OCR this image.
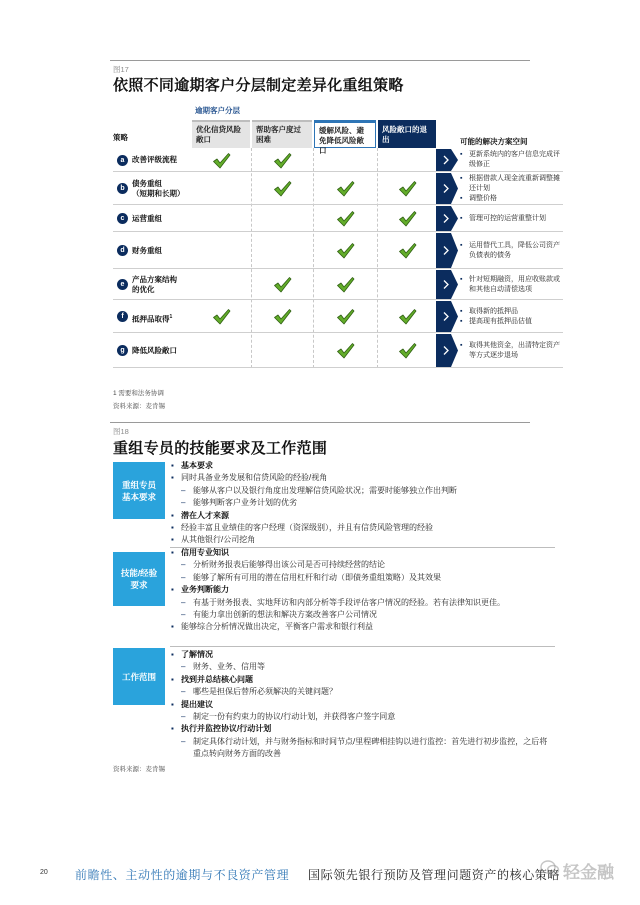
图17
依照不同逾期客户分层制定差异化重组策略
逾期客户分层
策略
优化信贷风险敞口
帮助客户度过困难
缓解风险、避免降低风险敞口
风险敞口的退出	可能的解决方案空间
a	改善评级流程
▪ 更新系统内的客户信息完成评级修正
b
债务重组
（短期和长期）
▪ 根据借款人现金流重新调整摊还计划
▪ 调整价格
c	运营重组
▪	管理可控的运营重整计划
d 财务重组
▪ 运用替代工具，降低公司资产负债表的债务
e
产品方案结构
的优化
▪ 针对短期融资，用应收账款或和其他自动清偿选项
f	抵押品取得$^1$
▪ 取得新的抵押品
▪ 提高现有抵押品估值
g 降低风险敞口
▪ 取得其他资金，出清特定资产等方式逐步退场
1 需要和法务协调
资料来源：麦肯锡
图18
重组专员的技能要求及工作范围
重组专员基本要求
▪ 基本要求
▪ 同时具备业务发展和信贷风险的经验/视角
– 能够从客户以及银行角度出发理解信贷风险状况；需要时能够独立作出判断
– 能够判断客户业务计划的优劣
▪ 潜在人才来源
▪ 经验丰富且业绩佳的客户经理（资深级别），并且有信贷风险管理的经验
▪ 从其他银行/公司挖角
技能/经验要求
▪ 信用专业知识
– 分析财务报表后能够得出该公司是否可持续经营的结论
– 能够了解所有可用的潜在信用杠杆和行动（即债务重组策略）及其效果
▪ 业务判断能力
– 有基于财务报表、实地拜访和内部分析等手段评估客户情况的经验。若有法律知识更佳。
– 有能力拿出创新的想法和解决方案改善客户公司情况
▪ 能够综合分析情况做出决定，平衡客户需求和银行利益
工作范围
▪ 了解情况
– 财务、业务、信用等
▪ 找到并总结核心问题
– 哪些是担保后替所必须解决的关键问题？
▪ 提出建议
– 制定一份有约束力的协议/行动计划，并获得客户签字同意
▪ 执行并监控协议/行动计划
– 制定具体行动计划，并与财务指标和时间节点/里程碑相挂钩以进行监控：首先进行初步监控，之后将重点转向财务方面的改善
资料来源：麦肯锡
20 前瞻性、主动性的逾期与不良资产管理 国际领先银行预防及管理问题资产的核心策略 轻金融
